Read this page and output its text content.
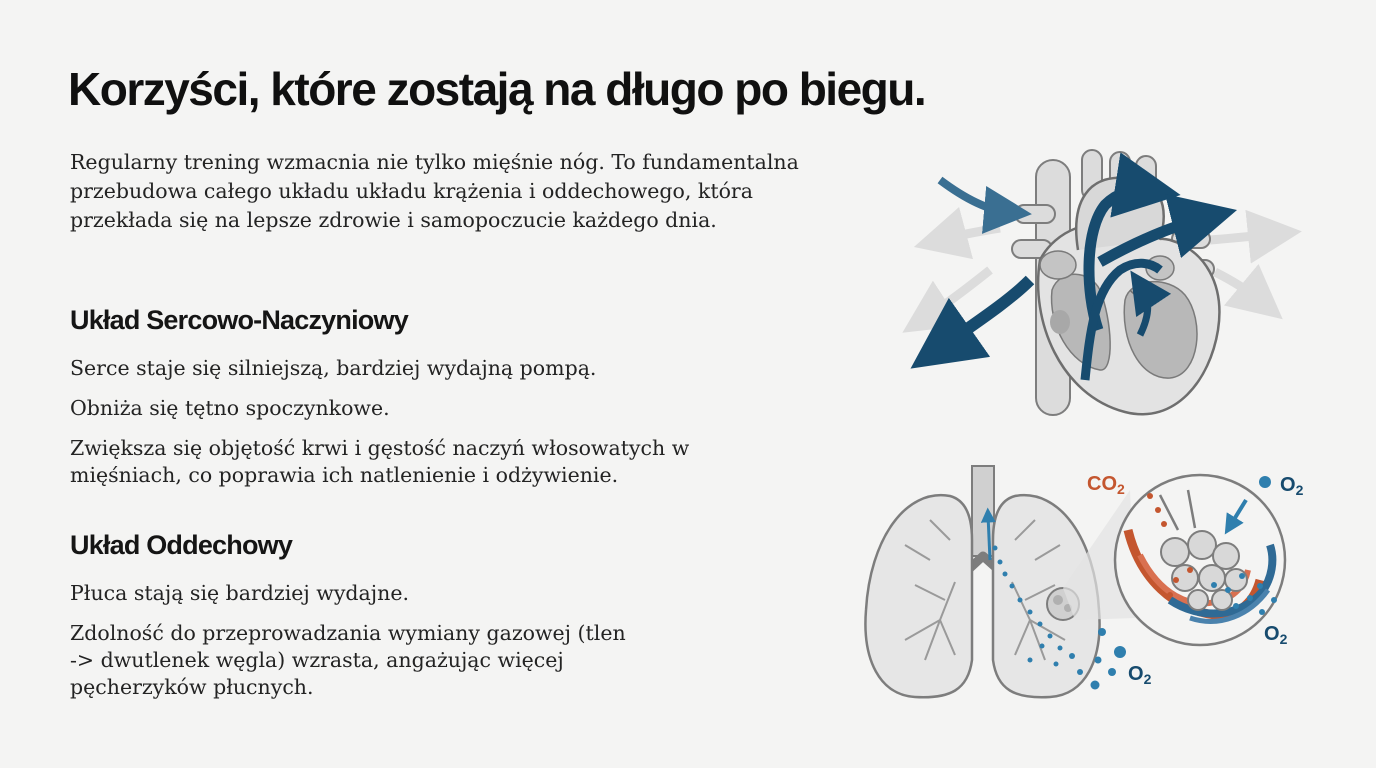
Korzyści, które zostają na długo po biegu.

Regularny trening wzmacnia nie tylko mięśnie nóg. To fundamentalna przebudowa całego układu układu krążenia i oddechowego, która przekłada się na lepsze zdrowie i samopoczucie każdego dnia.

Układ Sercowo-Naczyniowy

Serce staje się silniejszą, bardziej wydajną pompą.

Obniża się tętno spoczynkowe.

Zwiększa się objętość krwi i gęstość naczyń włosowatych w mięśniach, co poprawia ich natlenienie i odżywienie.

Układ Oddechowy

Płuca stają się bardziej wydajne.

Zdolność do przeprowadzania wymiany gazowej (tlen -> dwutlenek węgla) wzrasta, angażując więcej pęcherzyków płucnych.

$CO_2$	$O_2$
$O_2$
$O_2$
